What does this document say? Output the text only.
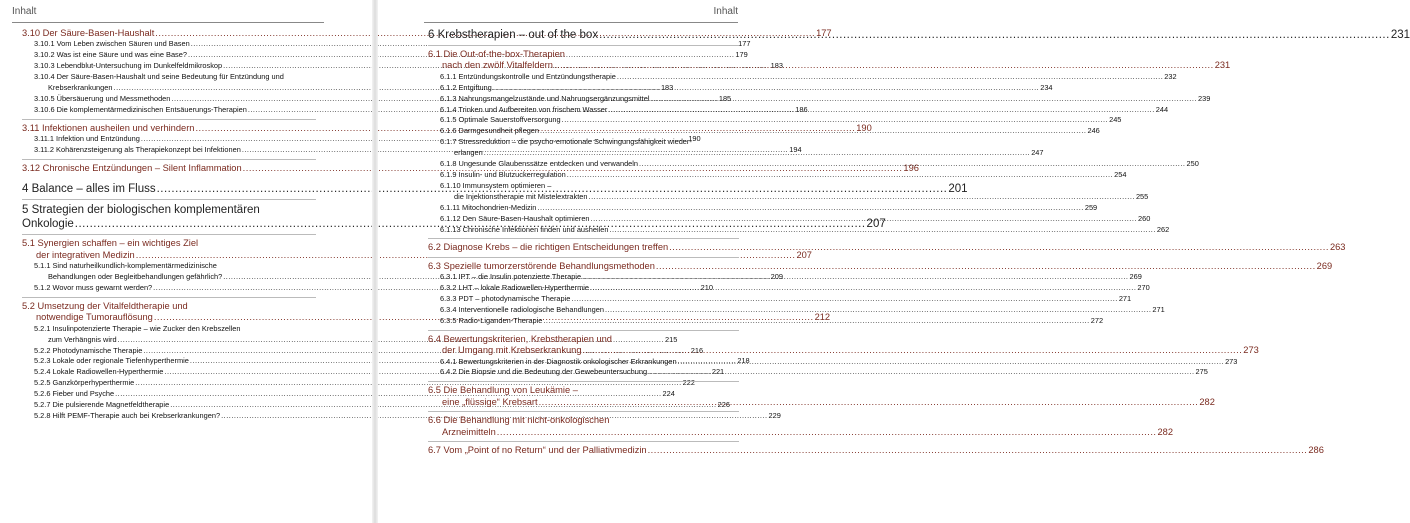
Inhalt
3.10 Der Säure-Basen-Haushalt .....	177
3.10.1 Vom Leben zwischen Säuren und Basen .....	177
3.10.2 Was ist eine Säure und was eine Base? .....	179
3.10.3 Lebendblut-Untersuchung im Dunkelfeldmikroskop .....	183
3.10.4 Der Säure-Basen-Haushalt und seine Bedeutung für Entzündung und
Krebserkrankungen .....	183
3.10.5 Übersäuerung und Messmethoden .....	185
3.10.6 Die komplementärmedizinischen Entsäuerungs-Therapien .....	186
3.11 Infektionen ausheilen und verhindern .....	190
3.11.1 Infektion und Entzündung .....	190
3.11.2 Kohärenzsteigerung als Therapiekonzept bei Infektionen .....	194
3.12 Chronische Entzündungen – Silent Inflammation .....	196
4 Balance – alles im Fluss .....	201
5 Strategien der biologischen komplementären
Onkologie .....	207
5.1 Synergien schaffen – ein wichtiges Ziel
der integrativen Medizin .....	207
5.1.1 Sind naturheilkundlich-komplementärmedizinische
Behandlungen oder Begleitbehandlungen gefährlich? .....	209
5.1.2 Wovor muss gewarnt werden? .....	210
5.2 Umsetzung der Vitalfeldtherapie und
notwendige Tumorauflösung .....	212
5.2.1 Insulinpotenzierte Therapie – wie Zucker den Krebszellen
zum Verhängnis wird .....	215
5.2.2 Photodynamische Therapie .....	216
5.2.3 Lokale oder regionale Tiefenhyperthermie .....	218
5.2.4 Lokale Radiowellen-Hyperthermie .....	221
5.2.5 Ganzkörperhyperthermie .....	222
5.2.6 Fieber und Psyche .....	224
5.2.7 Die pulsierende Magnetfeldtherapie .....	226
5.2.8 Hilft PEMF-Therapie auch bei Krebserkrankungen? .....	229
Inhalt
6 Krebstherapien – out of the box .....	231
6.1 Die Out-of-the-box-Therapien
nach den zwölf Vitalfeldern .....	231
6.1.1 Entzündungskontrolle und Entzündungstherapie .....	232
6.1.2 Entgiftung .....	234
6.1.3 Nahrungsmangelzustände und Nahrungsergänzungsmittel .....	239
6.1.4 Trinken und Aufbereiten von frischem Wasser .....	244
6.1.5 Optimale Sauerstoffversorgung .....	245
6.1.6 Darmgesundheit pflegen .....	246
6.1.7 Stressreduktion – die psycho-emotionale Schwingungsfähigkeit wieder-
erlangen .....	247
6.1.8 Ungesunde Glaubenssätze entdecken und verwandeln .....	250
6.1.9 Insulin- und Blutzuckerregulation .....	254
6.1.10 Immunsystem optimieren –
die Injektionstherapie mit Mistelextrakten .....	255
6.1.11 Mitochondrien-Medizin .....	259
6.1.12 Den Säure-Basen-Haushalt optimieren .....	260
6.1.13 Chronische Infektionen finden und ausheilen .....	262
6.2 Diagnose Krebs – die richtigen Entscheidungen treffen .....	263
6.3 Spezielle tumorzerstörende Behandlungsmethoden .....	269
6.3.1 IPT – die Insulin potenzierte Therapie .....	269
6.3.2 LHT – lokale Radiowellen-Hyperthermie .....	270
6.3.3 PDT – photodynamische Therapie .....	271
6.3.4 Interventionelle radiologische Behandlungen .....	271
6.3.5 Radio-Liganden-Therapie .....	272
6.4 Bewertungskriterien, Krebstherapien und
der Umgang mit Krebserkrankung .....	273
6.4.1 Bewertungskriterien in der Diagnostik onkologischer Erkrankungen .....	273
6.4.2 Die Biopsie und die Bedeutung der Gewebeuntersuchung .....	275
6.5 Die Behandlung von Leukämie –
eine „flüssige“ Krebsart .....	282
6.6 Die Behandlung mit nicht-onkologischen
Arzneimitteln .....	282
6.7 Vom „Point of no Return“ und der Palliativmedizin .....	286
